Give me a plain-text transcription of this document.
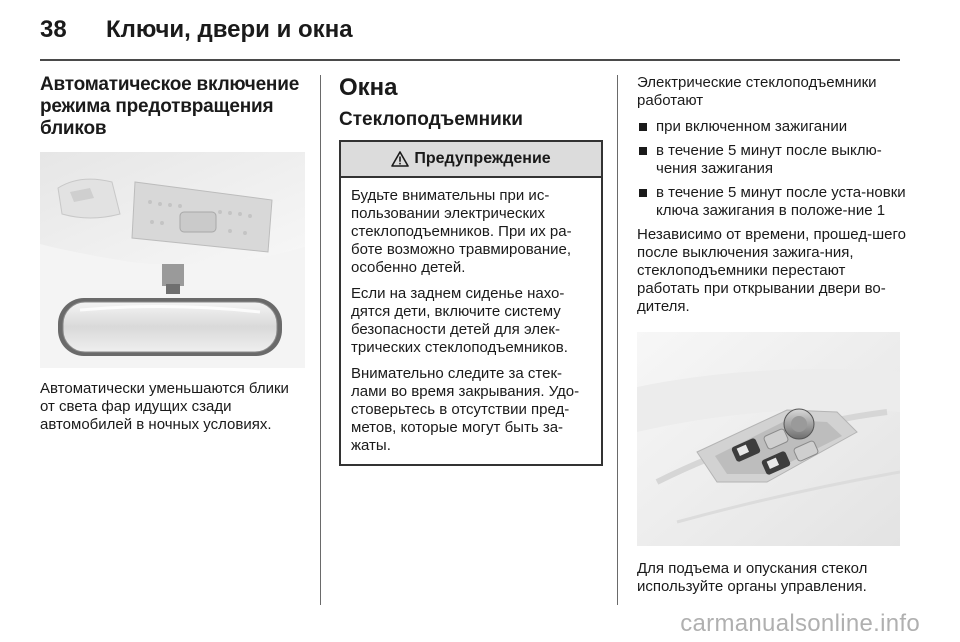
38 Ключи, двери и окна
Автоматическое включение режима предотвращения бликов

Автоматически уменьшаются блики от света фар идущих сзади автомобилей в ночных условиях.

Окна
Стеклоподъемники
Предупреждение

Будьте внимательны при ис-пользовании электрических стеклоподъемников. При их ра-боте возможно травмирование, особенно детей.

Если на заднем сиденье нахо-дятся дети, включите систему безопасности детей для элек-трических стеклоподъемников.

Внимательно следите за стек-лами во время закрывания. Удо-стоверьтесь в отсутствии пред-метов, которые могут быть за-жаты.

Электрические стеклоподъемники работают

при включенном зажигании
в течение 5 минут после выклю-чения зажигания
в течение 5 минут после уста-новки ключа зажигания в положе-ние 1

Независимо от времени, прошед-шего после выключения зажига-ния, стеклоподъемники перестают работать при открывании двери во-дителя.

Для подъема и опускания стекол используйте органы управления.

carmanualsonline.info
